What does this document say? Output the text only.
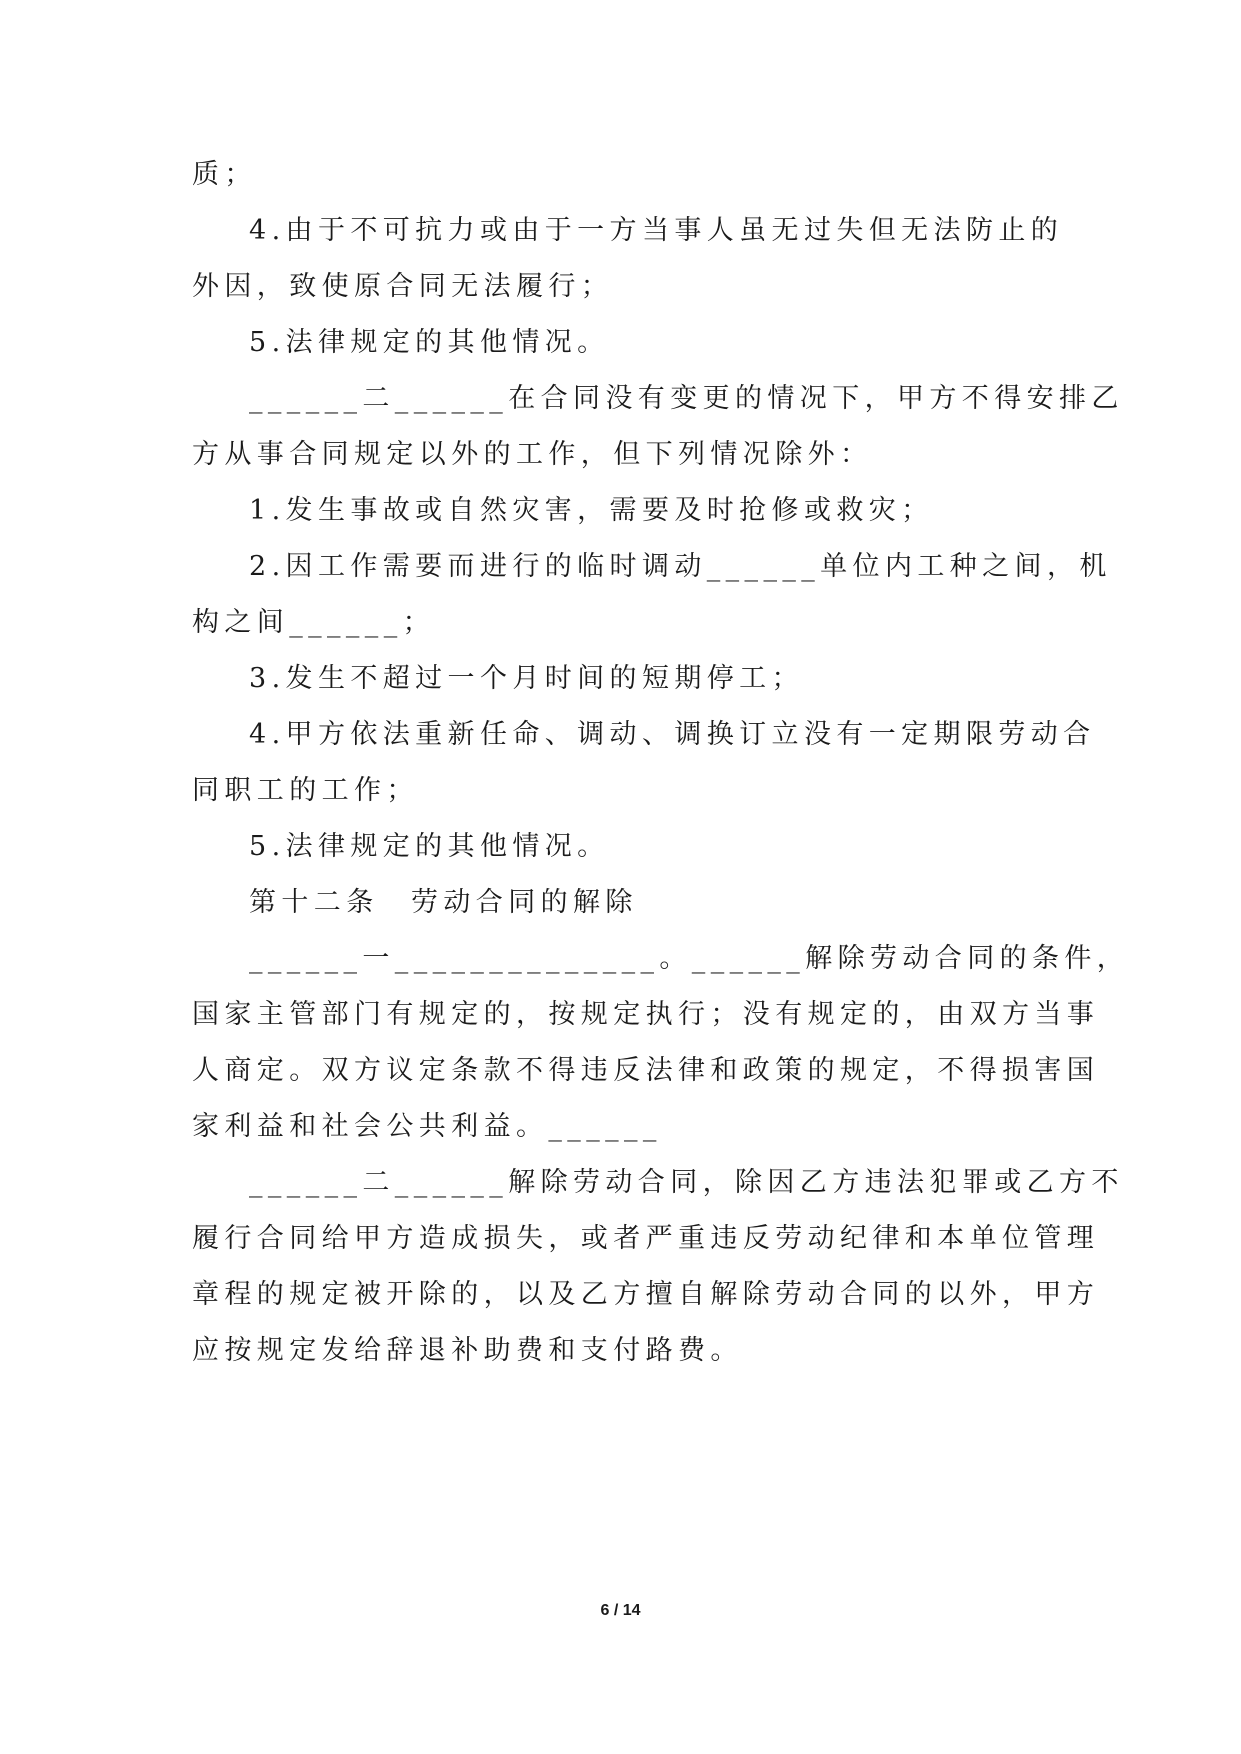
质；
4.由于不可抗力或由于一方当事人虽无过失但无法防止的
外因，致使原合同无法履行；
5.法律规定的其他情况。
______二______在合同没有变更的情况下，甲方不得安排乙
方从事合同规定以外的工作，但下列情况除外：
1.发生事故或自然灾害，需要及时抢修或救灾；
2.因工作需要而进行的临时调动______单位内工种之间，机
构之间______；
3.发生不超过一个月时间的短期停工；
4.甲方依法重新任命、调动、调换订立没有一定期限劳动合
同职工的工作；
5.法律规定的其他情况。
第十二条　劳动合同的解除
______一______________。______解除劳动合同的条件，
国家主管部门有规定的，按规定执行；没有规定的，由双方当事
人商定。双方议定条款不得违反法律和政策的规定，不得损害国
家利益和社会公共利益。______
______二______解除劳动合同，除因乙方违法犯罪或乙方不
履行合同给甲方造成损失，或者严重违反劳动纪律和本单位管理
章程的规定被开除的，以及乙方擅自解除劳动合同的以外，甲方
应按规定发给辞退补助费和支付路费。
6 / 14
